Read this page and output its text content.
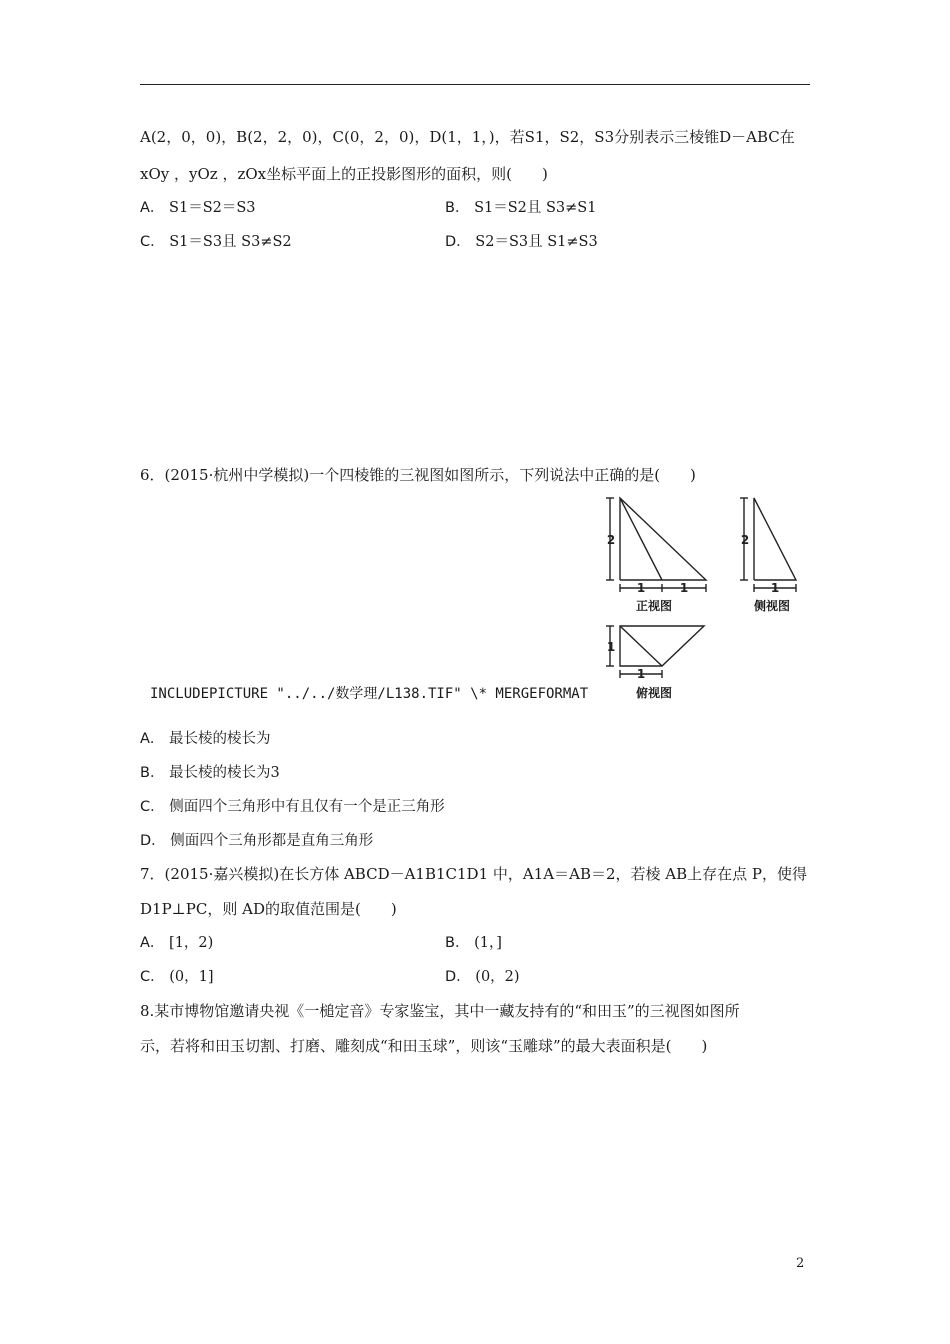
A(2，0，0)，B(2，2，0)，C(0，2，0)，D(1，1，)，若S1，S2，S3分别表示三棱锥D－ABC在
xOy ，yOz ，zOx坐标平面上的正投影图形的面积，则(　　)
A． S1＝S2＝S3	B． S1＝S2且 S3≠S1
C． S1＝S3且 S3≠S2	D． S2＝S3且 S1≠S3
6．(2015·杭州中学模拟)一个四棱锥的三视图如图所示，下列说法中正确的是(　　)
2
1	1
2
1
1
1
正视图	侧视图
俯视图
INCLUDEPICTURE "../../数学理/L138.TIF" \* MERGEFORMAT
A． 最长棱的棱长为
B． 最长棱的棱长为3
C． 侧面四个三角形中有且仅有一个是正三角形
D． 侧面四个三角形都是直角三角形
7．(2015·嘉兴模拟)在长方体 ABCD－A1B1C1D1 中，A1A＝AB＝2，若棱 AB上存在点 P，使得
D1P⊥PC，则 AD的取值范围是(　　)
A． [1，2)	B． (1，]
C． (0，1]	D． (0，2)
8.某市博物馆邀请央视《一槌定音》专家鉴宝，其中一藏友持有的“和田玉”的三视图如图所
示，若将和田玉切割、打磨、雕刻成“和田玉球”，则该“玉雕球”的最大表面积是(　　)
2
